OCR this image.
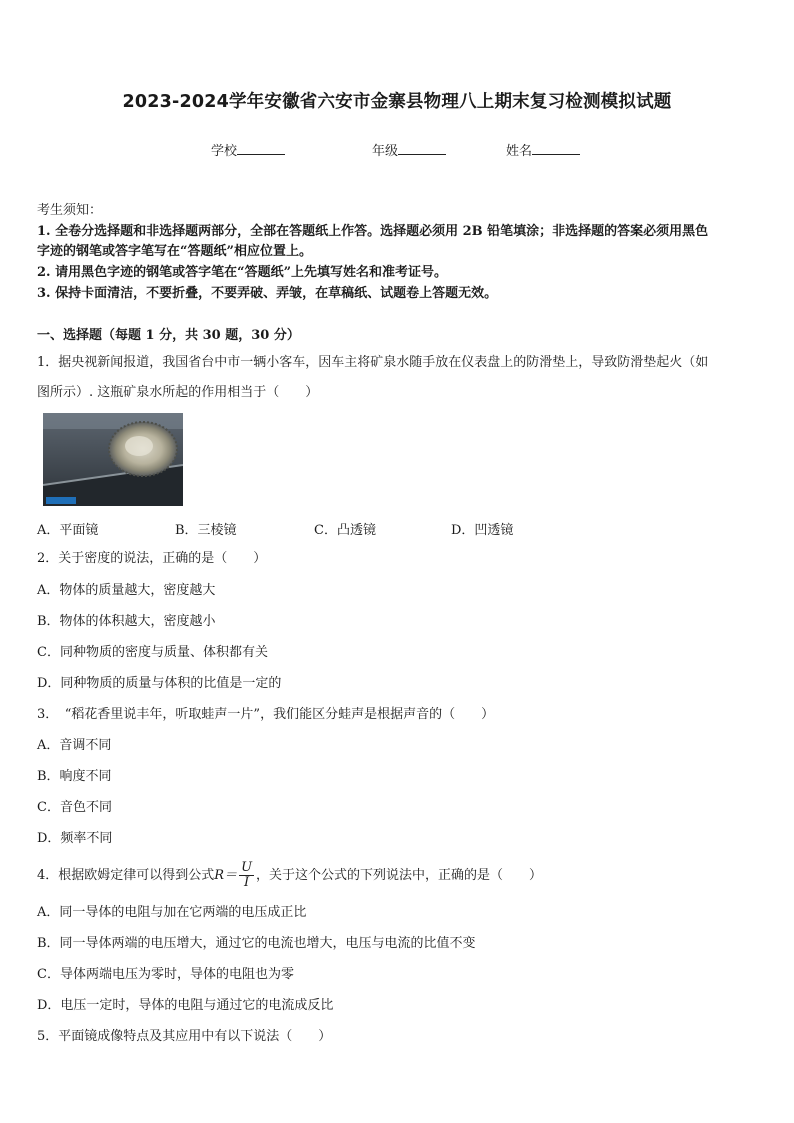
2023-2024学年安徽省六安市金寨县物理八上期末复习检测模拟试题
学校	年级	姓名
考生须知：
1. 全卷分选择题和非选择题两部分，全部在答题纸上作答。选择题必须用 2B 铅笔填涂；非选择题的答案必须用黑色
字迹的钢笔或答字笔写在“答题纸”相应位置上。
2. 请用黑色字迹的钢笔或答字笔在“答题纸”上先填写姓名和准考证号。
3. 保持卡面清洁，不要折叠，不要弄破、弄皱，在草稿纸、试题卷上答题无效。
一、选择题（每题 1 分，共 30 题，30 分）
1．据央视新闻报道，我国省台中市一辆小客车，因车主将矿泉水随手放在仪表盘上的防滑垫上，导致防滑垫起火（如
图所示）. 这瓶矿泉水所起的作用相当于（　　）
A．平面镜	B．三棱镜	C．凸透镜	D．凹透镜
2．关于密度的说法，正确的是（　　）
A．物体的质量越大，密度越大
B．物体的体积越大，密度越小
C．同种物质的密度与质量、体积都有关
D．同种物质的质量与体积的比值是一定的
3．　“稻花香里说丰年，听取蛙声一片”，我们能区分蛙声是根据声音的（　　）
A．音调不同
B．响度不同
C．音色不同
D．频率不同
4．根据欧姆定律可以得到公式$R= \frac{U}{I}$ ，关于这个公式的下列说法中，正确的是（　　）
A．同一导体的电阻与加在它两端的电压成正比
B．同一导体两端的电压增大，通过它的电流也增大，电压与电流的比值不变
C．导体两端电压为零时，导体的电阻也为零
D．电压一定时，导体的电阻与通过它的电流成反比
5．平面镜成像特点及其应用中有以下说法（　　）
